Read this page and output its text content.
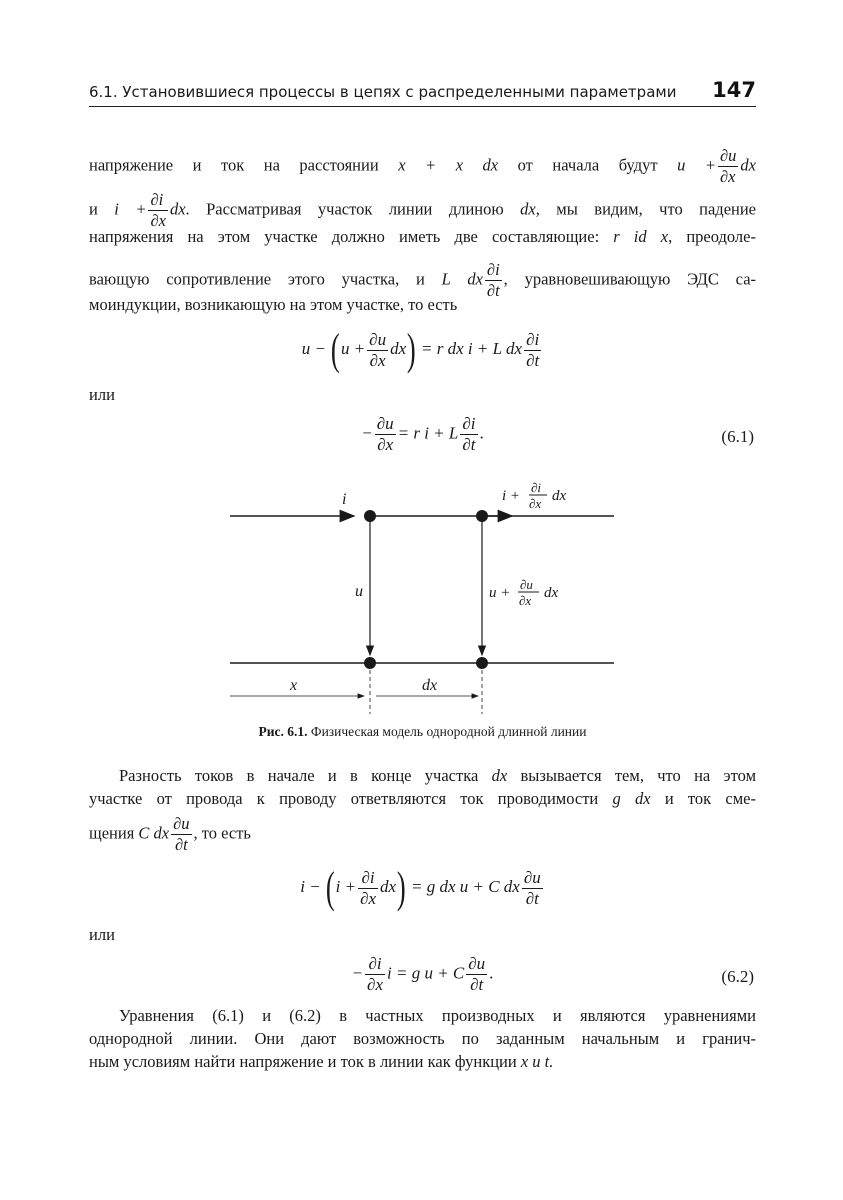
6.1. Установившиеся процессы в цепях с распределенными параметрами 147
напряжение и ток на расстоянии x + x dx от начала будут $u + \frac{\partial u}{\partial x}$ dx
и $i + \frac{\partial i}{\partial x}$ dx. Рассматривая участок линии длиною dx, мы видим, что падение
напряжения на этом участке должно иметь две составляющие: r id x, преодоле-
вающую сопротивление этого участка, и L dx $\frac{\partial i}{\partial t}$ , уравновешивающую ЭДС са-
моиндукции, возникающую на этом участке, то есть
$u - (u + \frac{\partial u}{\partial x} dx) = r$ dx i + L dx $\frac{\partial i}{\partial t}$
или
− $\frac{\partial u}{\partial x} = r$ i + L $\frac{\partial i}{\partial t}$ .	(6.1)
i
u
i +
∂i
∂x dx
u +
∂u
∂x dx
x	dx
Рис. 6.1. Физическая модель однородной длинной линии
Разность токов в начале и в конце участка dx вызывается тем, что на этом
участке от провода к проводу ответвляются ток проводимости g dx и ток сме-
щения C dx $\frac{\partial u}{\partial t}$ , то есть
$i - (i + \frac{\partial i}{\partial x} dx) = g$ dx u + C dx $\frac{\partial u}{\partial t}$
или
− $\frac{\partial i}{\partial x}$ i = g u + C $\frac{\partial u}{\partial t}$ .	(6.2)
Уравнения (6.1) и (6.2) в частных производных и являются уравнениями
однородной линии. Они дают возможность по заданным начальным и гранич-
ным условиям найти напряжение и ток в линии как функции x и t.
